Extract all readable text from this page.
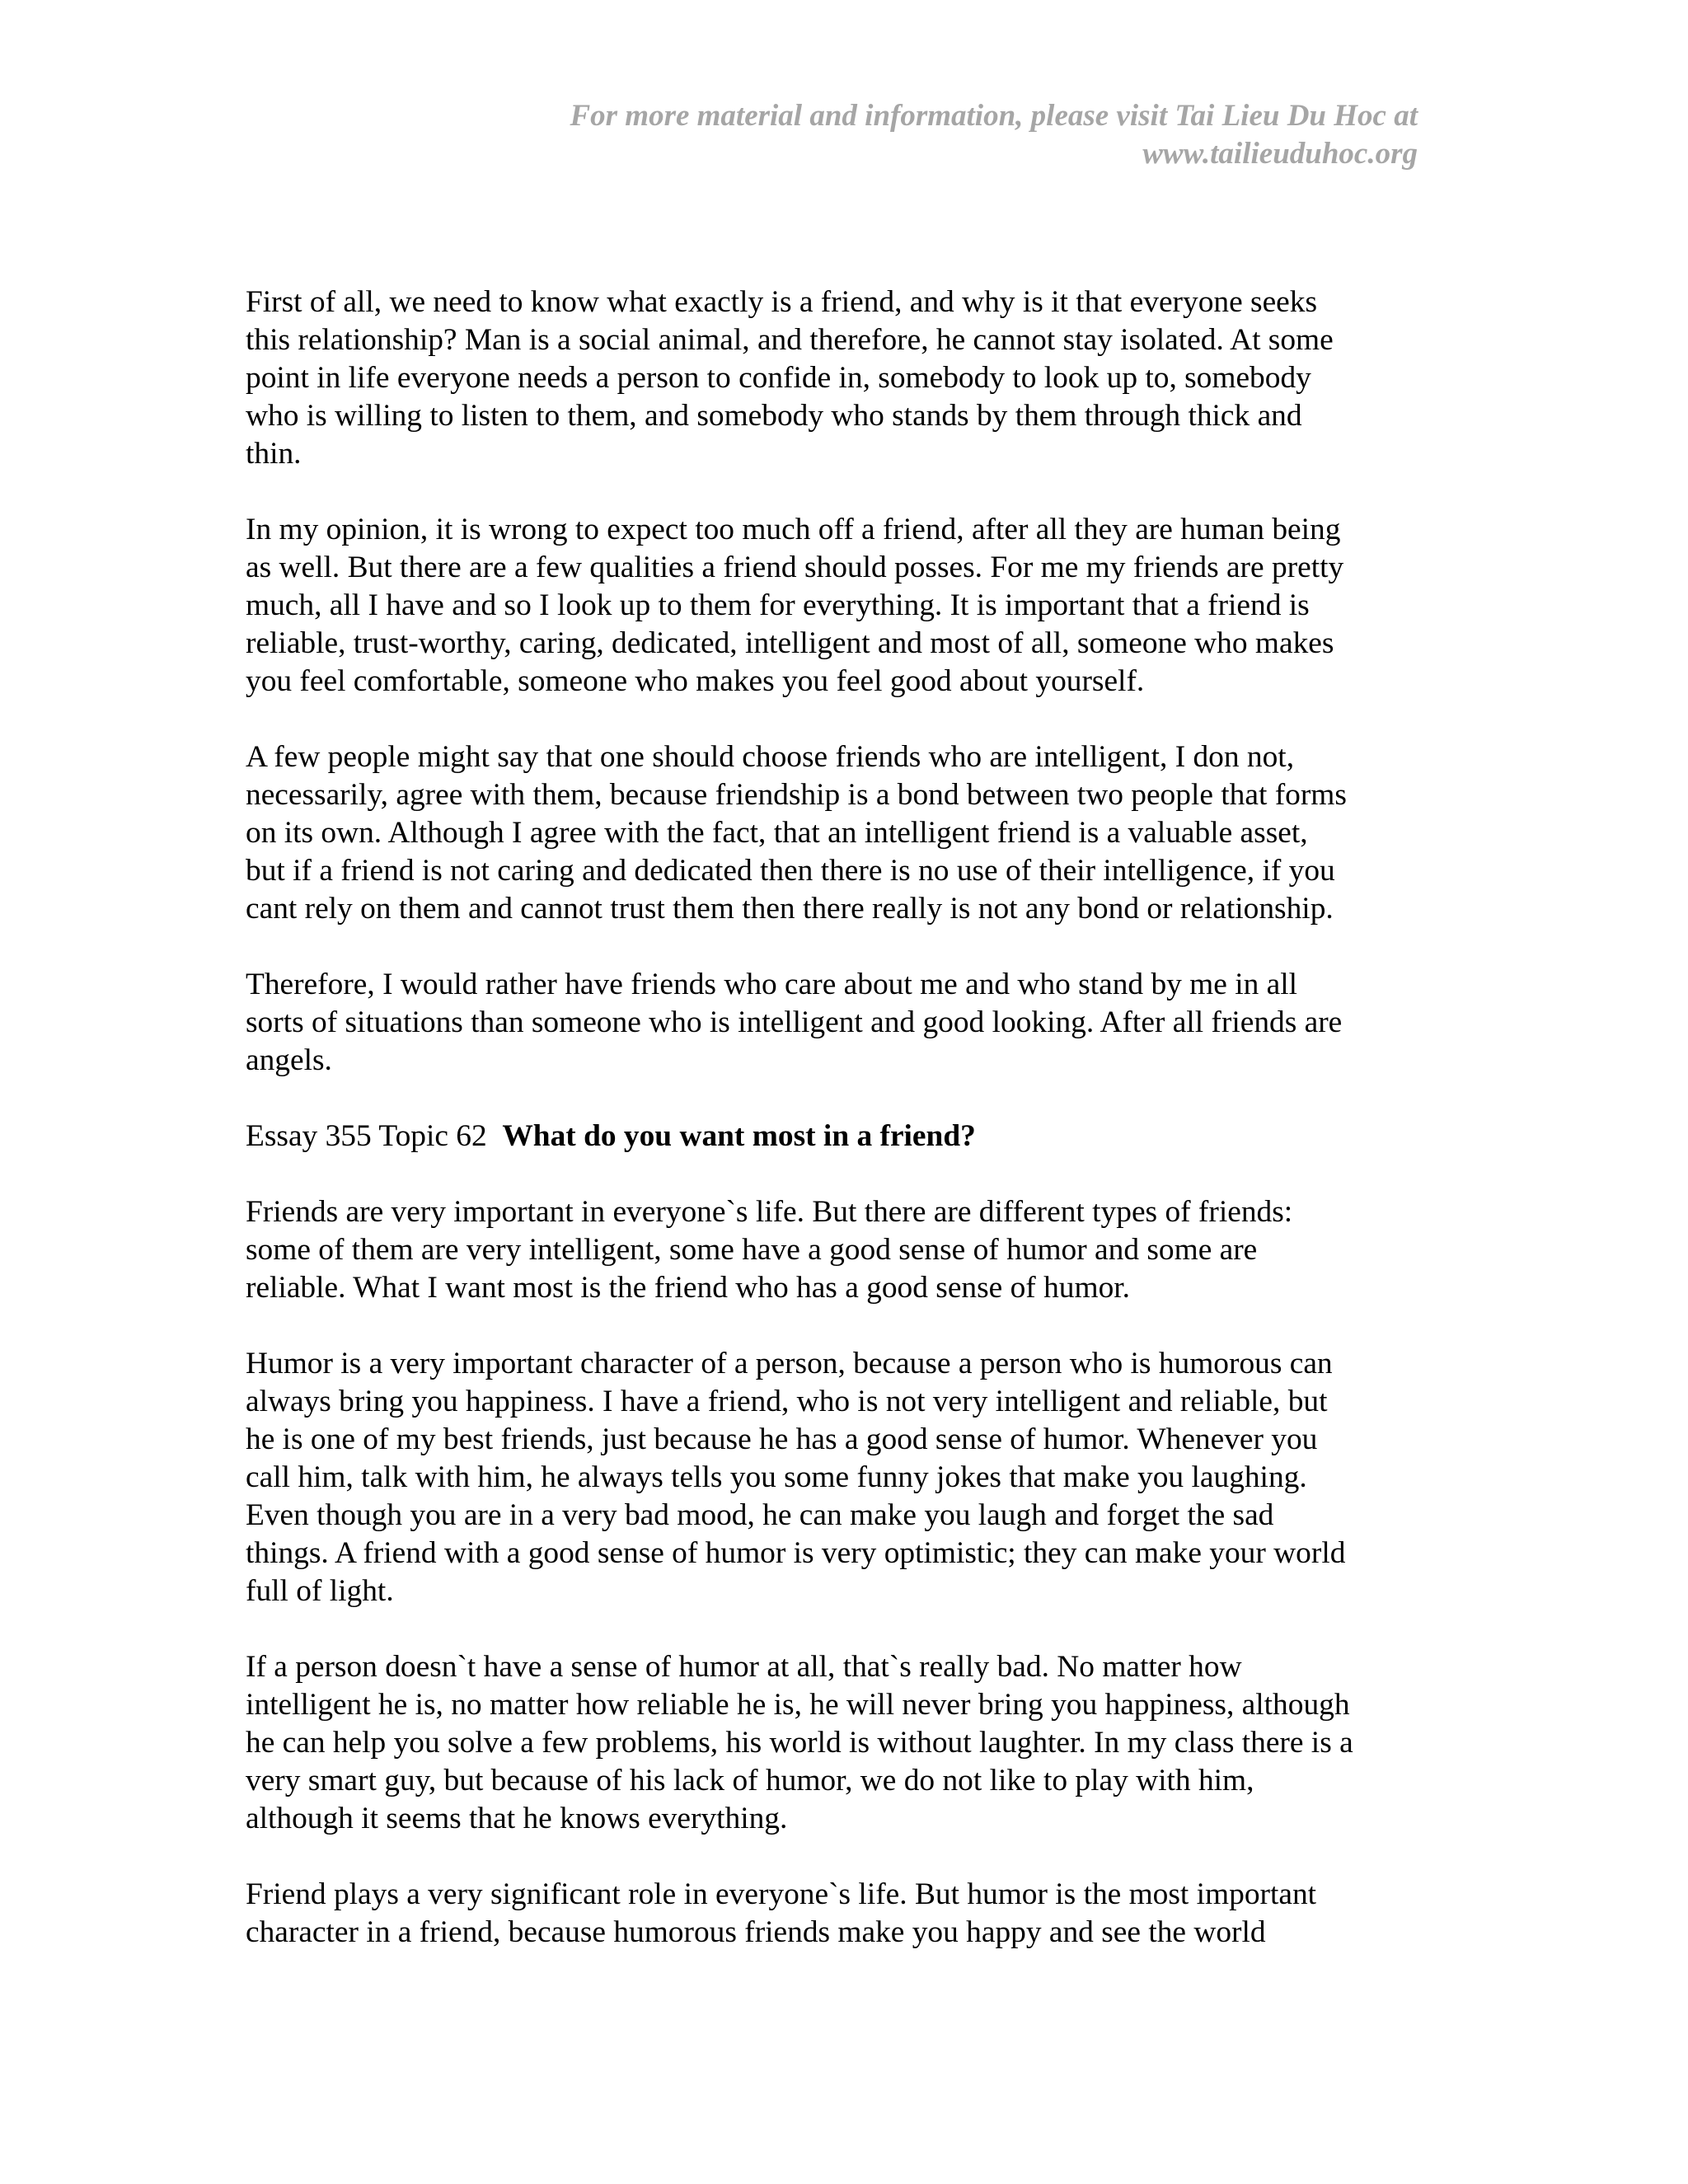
For more material and information, please visit Tai Lieu Du Hoc at
www.tailieuduhoc.org
First of all, we need to know what exactly is a friend, and why is it that everyone seeks
this relationship? Man is a social animal, and therefore, he cannot stay isolated. At some
point in life everyone needs a person to confide in, somebody to look up to, somebody
who is willing to listen to them, and somebody who stands by them through thick and
thin.
In my opinion, it is wrong to expect too much off a friend, after all they are human being
as well. But there are a few qualities a friend should posses. For me my friends are pretty
much, all I have and so I look up to them for everything. It is important that a friend is
reliable, trust-worthy, caring, dedicated, intelligent and most of all, someone who makes
you feel comfortable, someone who makes you feel good about yourself.
A few people might say that one should choose friends who are intelligent, I don not,
necessarily, agree with them, because friendship is a bond between two people that forms
on its own. Although I agree with the fact, that an intelligent friend is a valuable asset,
but if a friend is not caring and dedicated then there is no use of their intelligence, if you
cant rely on them and cannot trust them then there really is not any bond or relationship.
Therefore, I would rather have friends who care about me and who stand by me in all
sorts of situations than someone who is intelligent and good looking. After all friends are
angels.
Essay 355 Topic 62 What do you want most in a friend?
Friends are very important in everyone`s life. But there are different types of friends:
some of them are very intelligent, some have a good sense of humor and some are
reliable. What I want most is the friend who has a good sense of humor.
Humor is a very important character of a person, because a person who is humorous can
always bring you happiness. I have a friend, who is not very intelligent and reliable, but
he is one of my best friends, just because he has a good sense of humor. Whenever you
call him, talk with him, he always tells you some funny jokes that make you laughing.
Even though you are in a very bad mood, he can make you laugh and forget the sad
things. A friend with a good sense of humor is very optimistic; they can make your world
full of light.
If a person doesn`t have a sense of humor at all, that`s really bad. No matter how
intelligent he is, no matter how reliable he is, he will never bring you happiness, although
he can help you solve a few problems, his world is without laughter. In my class there is a
very smart guy, but because of his lack of humor, we do not like to play with him,
although it seems that he knows everything.
Friend plays a very significant role in everyone`s life. But humor is the most important
character in a friend, because humorous friends make you happy and see the world
